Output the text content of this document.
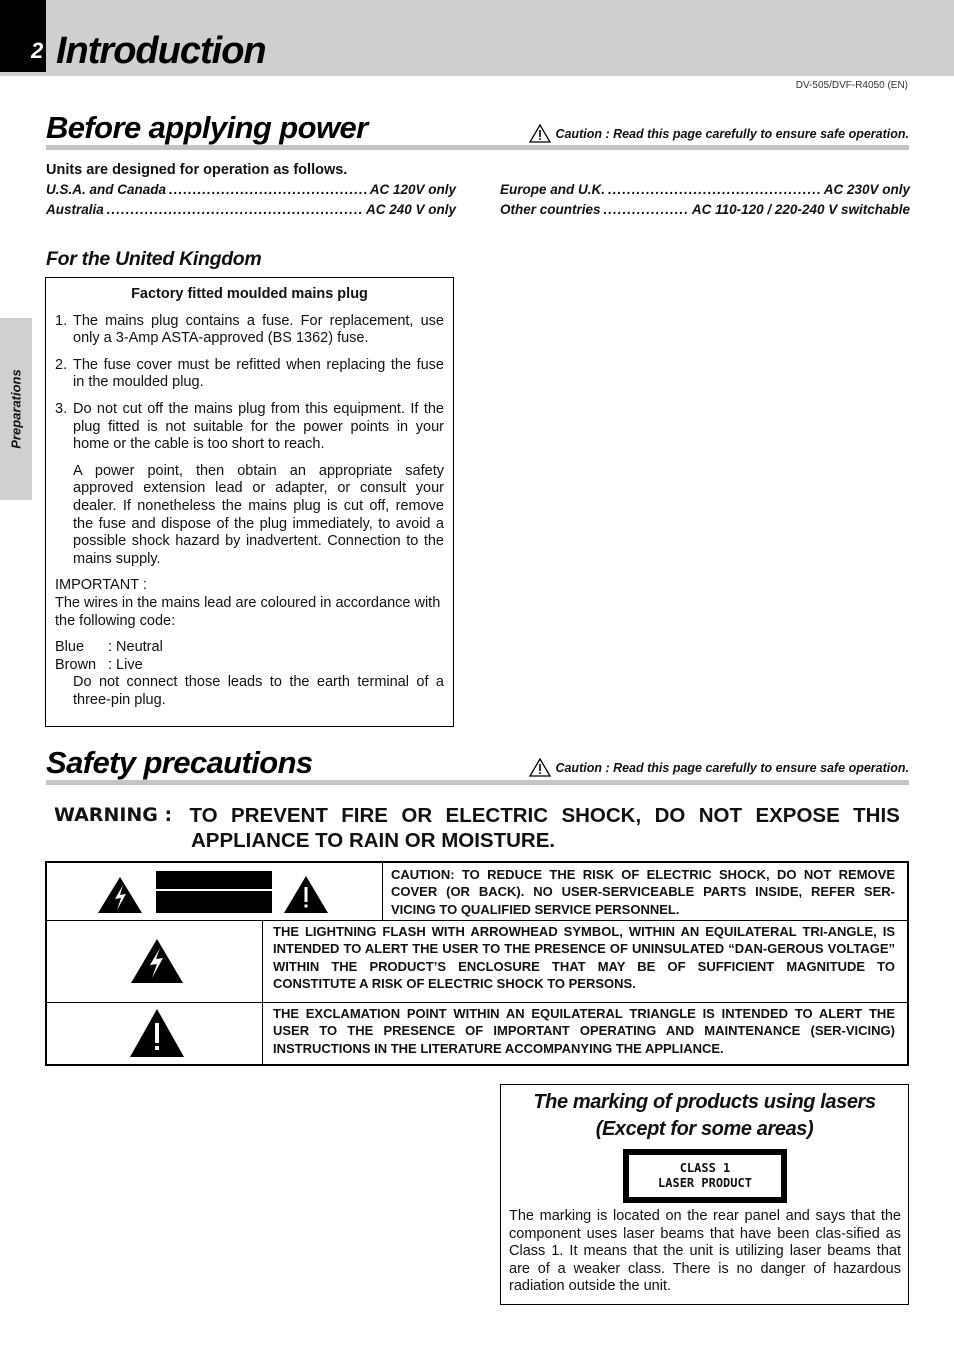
2 Introduction
DV-505/DVF-R4050 (EN)
Preparations
Before applying power	Caution : Read this page carefully to ensure safe operation.
Units are designed for operation as follows.
U.S.A. and Canada .....	AC 120V only
Australia .....	AC 240 V only
Europe and U.K. .....	AC 230V only
Other countries .....	AC 110-120 / 220-240 V switchable
For the United Kingdom
Factory fitted moulded mains plug
1. The mains plug contains a fuse. For replacement, use only a 3-Amp ASTA-approved (BS 1362) fuse.
2. The fuse cover must be refitted when replacing the fuse in the moulded plug.
3. Do not cut off the mains plug from this equipment. If the plug fitted is not suitable for the power points in your home or the cable is too short to reach.
A power point, then obtain an appropriate safety approved extension lead or adapter, or consult your dealer. If nonetheless the mains plug is cut off, remove the fuse and dispose of the plug immediately, to avoid a possible shock hazard by inadvertent. Connection to the mains supply.
IMPORTANT :
The wires in the mains lead are coloured in accordance with the following code:
Blue	: Neutral
Brown : Live
Do not connect those leads to the earth terminal of a three-pin plug.
Safety precautions	Caution : Read this page carefully to ensure safe operation.
WARNING : TO PREVENT FIRE OR ELECTRIC SHOCK, DO NOT EXPOSE THIS
APPLIANCE TO RAIN OR MOISTURE.
CAUTION: TO REDUCE THE RISK OF ELECTRIC SHOCK, DO NOT REMOVE COVER (OR BACK). NO USER-SERVICEABLE PARTS INSIDE, REFER SER-VICING TO QUALIFIED SERVICE PERSONNEL.
THE LIGHTNING FLASH WITH ARROWHEAD SYMBOL, WITHIN AN EQUILATERAL TRI-ANGLE, IS INTENDED TO ALERT THE USER TO THE PRESENCE OF UNINSULATED “DAN-GEROUS VOLTAGE” WITHIN THE PRODUCT’S ENCLOSURE THAT MAY BE OF SUFFICIENT MAGNITUDE TO CONSTITUTE A RISK OF ELECTRIC SHOCK TO PERSONS.
THE EXCLAMATION POINT WITHIN AN EQUILATERAL TRIANGLE IS INTENDED TO ALERT THE USER TO THE PRESENCE OF IMPORTANT OPERATING AND MAINTENANCE (SER-VICING) INSTRUCTIONS IN THE LITERATURE ACCOMPANYING THE APPLIANCE.
The marking of products using lasers
(Except for some areas)
CLASS 1
LASER PRODUCT
The marking is located on the rear panel and says that the component uses laser beams that have been clas-sified as Class 1. It means that the unit is utilizing laser beams that are of a weaker class. There is no danger of hazardous radiation outside the unit.
